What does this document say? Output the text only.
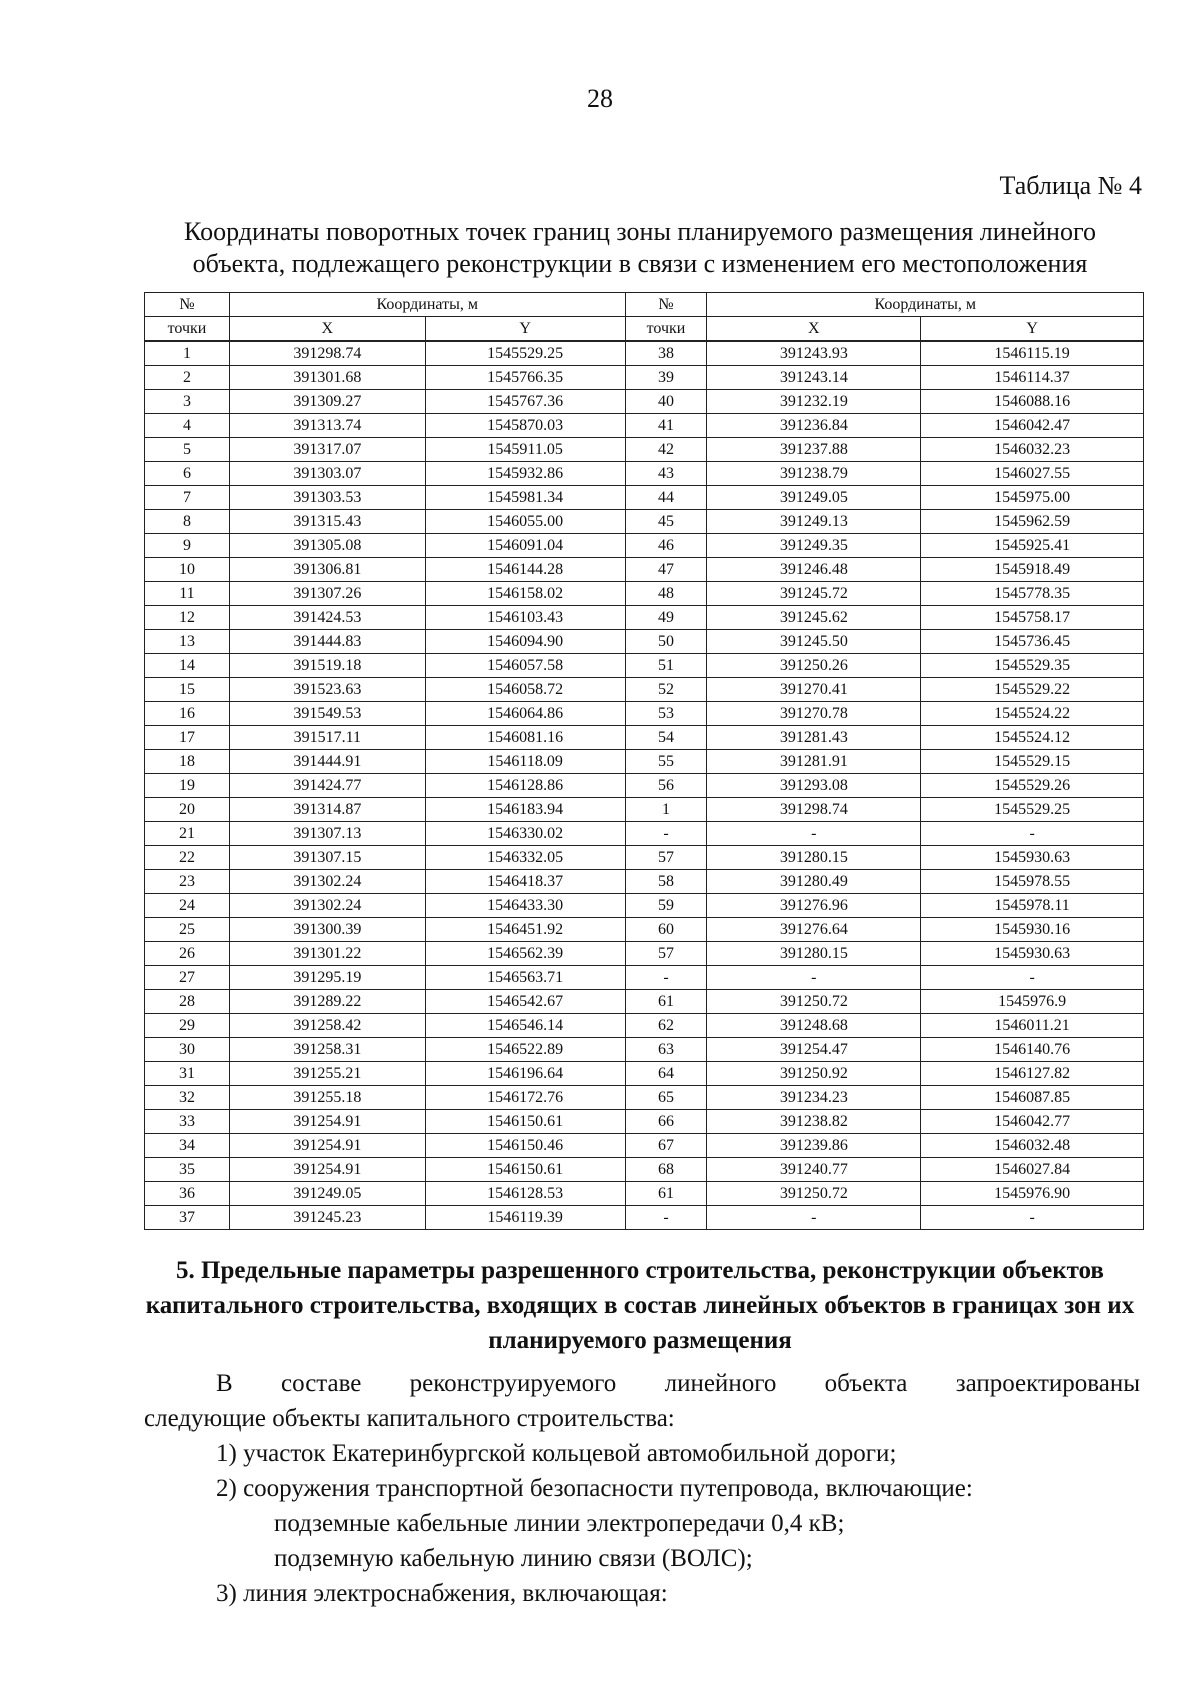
28
Таблица № 4
Координаты поворотных точек границ зоны планируемого размещения линейного объекта, подлежащего реконструкции в связи с изменением его местоположения
№	Координаты, м		№	Координаты, м	
точки	X	Y	точки	X	Y
1	391298.74	1545529.25	38	391243.93	1546115.19
2	391301.68	1545766.35	39	391243.14	1546114.37
3	391309.27	1545767.36	40	391232.19	1546088.16
4	391313.74	1545870.03	41	391236.84	1546042.47
5	391317.07	1545911.05	42	391237.88	1546032.23
6	391303.07	1545932.86	43	391238.79	1546027.55
7	391303.53	1545981.34	44	391249.05	1545975.00
8	391315.43	1546055.00	45	391249.13	1545962.59
9	391305.08	1546091.04	46	391249.35	1545925.41
10	391306.81	1546144.28	47	391246.48	1545918.49
11	391307.26	1546158.02	48	391245.72	1545778.35
12	391424.53	1546103.43	49	391245.62	1545758.17
13	391444.83	1546094.90	50	391245.50	1545736.45
14	391519.18	1546057.58	51	391250.26	1545529.35
15	391523.63	1546058.72	52	391270.41	1545529.22
16	391549.53	1546064.86	53	391270.78	1545524.22
17	391517.11	1546081.16	54	391281.43	1545524.12
18	391444.91	1546118.09	55	391281.91	1545529.15
19	391424.77	1546128.86	56	391293.08	1545529.26
20	391314.87	1546183.94	1	391298.74	1545529.25
21	391307.13	1546330.02	-	-	-
22	391307.15	1546332.05	57	391280.15	1545930.63
23	391302.24	1546418.37	58	391280.49	1545978.55
24	391302.24	1546433.30	59	391276.96	1545978.11
25	391300.39	1546451.92	60	391276.64	1545930.16
26	391301.22	1546562.39	57	391280.15	1545930.63
27	391295.19	1546563.71	-	-	-
28	391289.22	1546542.67	61	391250.72	1545976.9
29	391258.42	1546546.14	62	391248.68	1546011.21
30	391258.31	1546522.89	63	391254.47	1546140.76
31	391255.21	1546196.64	64	391250.92	1546127.82
32	391255.18	1546172.76	65	391234.23	1546087.85
33	391254.91	1546150.61	66	391238.82	1546042.77
34	391254.91	1546150.46	67	391239.86	1546032.48
35	391254.91	1546150.61	68	391240.77	1546027.84
36	391249.05	1546128.53	61	391250.72	1545976.90
37	391245.23	1546119.39	-	-	-
5. Предельные параметры разрешенного строительства, реконструкции объектов капитального строительства, входящих в состав линейных объектов в границах зон их планируемого размещения

В составе реконструируемого линейного объекта запроектированы

следующие объекты капитального строительства:

1) участок Екатеринбургской кольцевой автомобильной дороги;

2) сооружения транспортной безопасности путепровода, включающие:

подземные кабельные линии электропередачи 0,4 кВ;

подземную кабельную линию связи (ВОЛС);

3) линия электроснабжения, включающая:
